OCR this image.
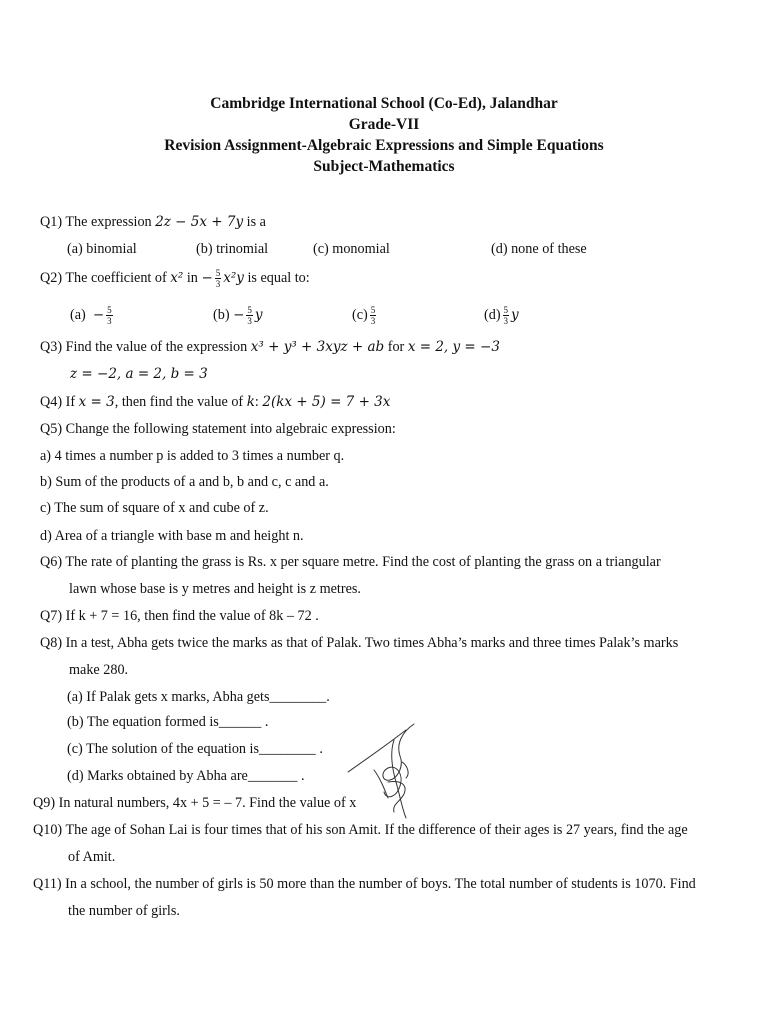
Cambridge International School (Co-Ed), Jalandhar
Grade-VII
Revision Assignment-Algebraic Expressions and Simple Equations
Subject-Mathematics
Q1) The expression 2z − 5x + 7y is a
(a) binomial	(b) trinomial	(c) monomial	(d) none of these
Q2) The coefficient of x² in − $\frac{5}{3} x^2y$ is equal to:
$(a) - \frac{5}{3}$	$(b) - \frac{5}{3}$ y	$(c) \frac{5}{3}$	$(d) \frac{5}{3}$ y
Q3) Find the value of the expression x³ + y³ + 3xyz + ab for x = 2, y = −3
z = −2, a = 2, b = 3
Q4) If x = 3, then find the value of k: 2(kx + 5) = 7 + 3x
Q5) Change the following statement into algebraic expression:
a) 4 times a number p is added to 3 times a number q.
b) Sum of the products of a and b, b and c, c and a.
c) The sum of square of x and cube of z.
d) Area of a triangle with base m and height n.
Q6) The rate of planting the grass is Rs. x per square metre. Find the cost of planting the grass on a triangular
lawn whose base is y metres and height is z metres.
Q7) If k + 7 = 16, then find the value of 8k – 72 .
Q8) In a test, Abha gets twice the marks as that of Palak. Two times Abha’s marks and three times Palak’s marks
make 280.
(a) If Palak gets x marks, Abha gets________.
(b) The equation formed is______ .
(c) The solution of the equation is________ .
(d) Marks obtained by Abha are_______ .
Q9) In natural numbers, 4x + 5 = – 7. Find the value of x
Q10) The age of Sohan Lai is four times that of his son Amit. If the difference of their ages is 27 years, find the age
of Amit.
Q11) In a school, the number of girls is 50 more than the number of boys. The total number of students is 1070. Find
the number of girls.
